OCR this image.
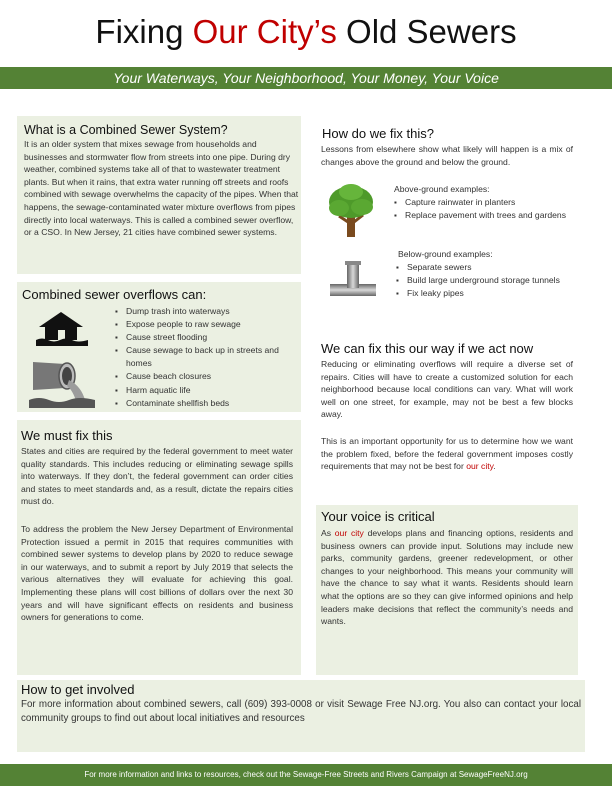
Fixing Our City’s Old Sewers
Your Waterways, Your Neighborhood, Your Money, Your Voice
What is a Combined Sewer System?
It is an older system that mixes sewage from households and businesses and stormwater flow from streets into one pipe. During dry weather, combined systems take all of that to wastewater treatment plants. But when it rains, that extra water running off streets and roofs combined with sewage overwhelms the capacity of the pipes. When that happens, the sewage-contaminated water mixture overflows from pipes directly into local waterways. This is called a combined sewer overflow, or a CSO. In New Jersey, 21 cities have combined sewer systems.
Combined sewer overflows can:
▪ Dump trash into waterways
▪ Expose people to raw sewage
▪ Cause street flooding
▪ Cause sewage to back up in streets and homes
▪ Cause beach closures
▪ Harm aquatic life
▪ Contaminate shellfish beds
We must fix this
States and cities are required by the federal government to meet water quality standards. This includes reducing or eliminating sewage spills into waterways. If they don’t, the federal government can order cities and states to meet standards and, as a result, dictate the repairs cities must do.
To address the problem the New Jersey Department of Environmental Protection issued a permit in 2015 that requires communities with combined sewer systems to develop plans by 2020 to reduce sewage in our waterways, and to submit a report by July 2019 that selects the various alternatives they will evaluate for achieving this goal. Implementing these plans will cost billions of dollars over the next 30 years and will have significant effects on residents and business owners for generations to come.
How do we fix this?
Lessons from elsewhere show what likely will happen is a mix of changes above the ground and below the ground.
Above-ground examples:
▪ Capture rainwater in planters
▪ Replace pavement with trees and gardens
Below-ground examples:
▪ Separate sewers
▪ Build large underground storage tunnels
▪ Fix leaky pipes
We can fix this our way if we act now
Reducing or eliminating overflows will require a diverse set of repairs. Cities will have to create a customized solution for each neighborhood because local conditions can vary. What will work well on one street, for example, may not be best a few blocks away.
This is an important opportunity for us to determine how we want the problem fixed, before the federal government imposes costly requirements that may not be best for our city.
Your voice is critical
As our city develops plans and financing options, residents and business owners can provide input. Solutions may include new parks, community gardens, greener redevelopment, or other changes to your neighborhood. This means your community will have the chance to say what it wants. Residents should learn what the options are so they can give informed opinions and help leaders make decisions that reflect the community’s needs and wants.
How to get involved
For more information about combined sewers, call (609) 393-0008 or visit Sewage Free NJ.org. You also can contact your local community groups to find out about local initiatives and resources
For more information and links to resources, check out the Sewage-Free Streets and Rivers Campaign at SewageFreeNJ.org
